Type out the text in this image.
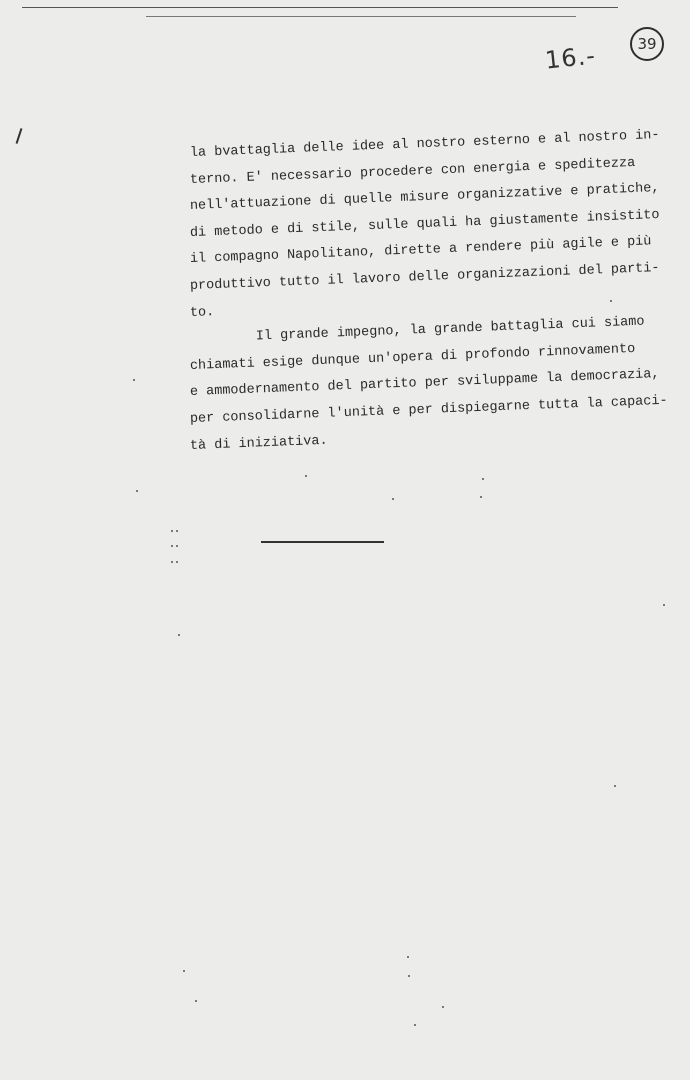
16.-	39
la bvattaglia delle idee al nostro esterno e al nostro in-
terno. E' necessario procedere con energia e speditezza
nell'attuazione di quelle misure organizzative e pratiche,
di metodo e di stile, sulle quali ha giustamente insistito
il compagno Napolitano, dirette a rendere più agile e più
produttivo tutto il lavoro delle organizzazioni del parti-
to.
Il grande impegno, la grande battaglia cui siamo
chiamati esige dunque un'opera di profondo rinnovamento
e ammodernamento del partito per sviluppame la democrazia,
per consolidarne l'unità e per dispiegarne tutta la capaci-
tà di iniziativa.
